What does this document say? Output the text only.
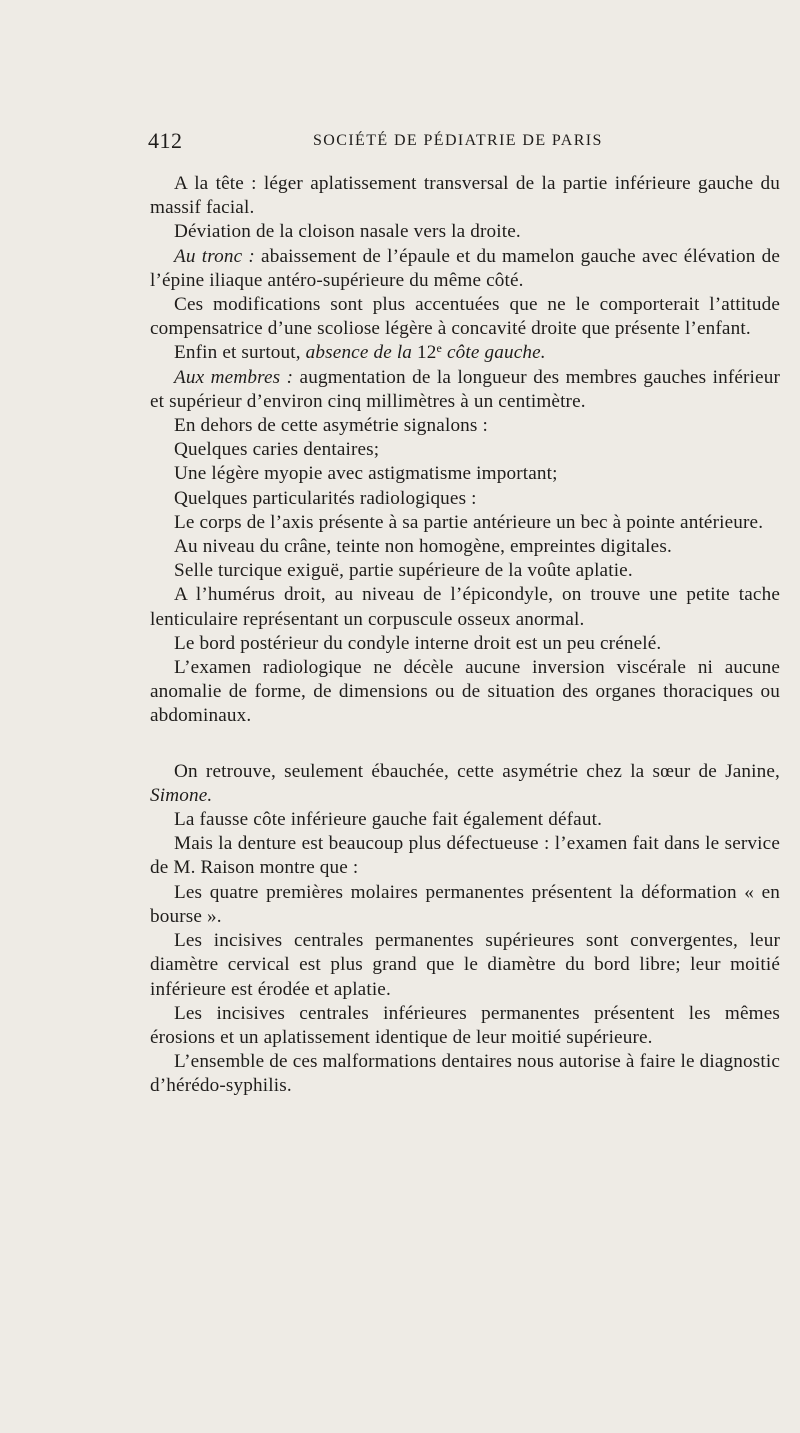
412	SOCIÉTÉ DE PÉDIATRIE DE PARIS

A la tête : léger aplatissement transversal de la partie inférieure gauche du massif facial.

Déviation de la cloison nasale vers la droite.

Au tronc : abaissement de l’épaule et du mamelon gauche avec élévation de l’épine iliaque antéro-supérieure du même côté.

Ces modifications sont plus accentuées que ne le comporterait l’attitude compensatrice d’une scoliose légère à concavité droite que présente l’enfant.

Enfin et surtout, absence de la 12e côte gauche.

Aux membres : augmentation de la longueur des membres gauches inférieur et supérieur d’environ cinq millimètres à un centimètre.

En dehors de cette asymétrie signalons :

Quelques caries dentaires;

Une légère myopie avec astigmatisme important;

Quelques particularités radiologiques :

Le corps de l’axis présente à sa partie antérieure un bec à pointe antérieure.

Au niveau du crâne, teinte non homogène, empreintes digitales.

Selle turcique exiguë, partie supérieure de la voûte aplatie.

A l’humérus droit, au niveau de l’épicondyle, on trouve une petite tache lenticulaire représentant un corpuscule osseux anormal.

Le bord postérieur du condyle interne droit est un peu crénelé.

L’examen radiologique ne décèle aucune inversion viscérale ni aucune anomalie de forme, de dimensions ou de situation des organes thoraciques ou abdominaux.

On retrouve, seulement ébauchée, cette asymétrie chez la sœur de Janine, Simone.

La fausse côte inférieure gauche fait également défaut.

Mais la denture est beaucoup plus défectueuse : l’examen fait dans le service de M. Raison montre que :

Les quatre premières molaires permanentes présentent la déformation « en bourse ».

Les incisives centrales permanentes supérieures sont convergentes, leur diamètre cervical est plus grand que le diamètre du bord libre; leur moitié inférieure est érodée et aplatie.

Les incisives centrales inférieures permanentes présentent les mêmes érosions et un aplatissement identique de leur moitié supérieure.

L’ensemble de ces malformations dentaires nous autorise à faire le diagnostic d’hérédo-syphilis.
